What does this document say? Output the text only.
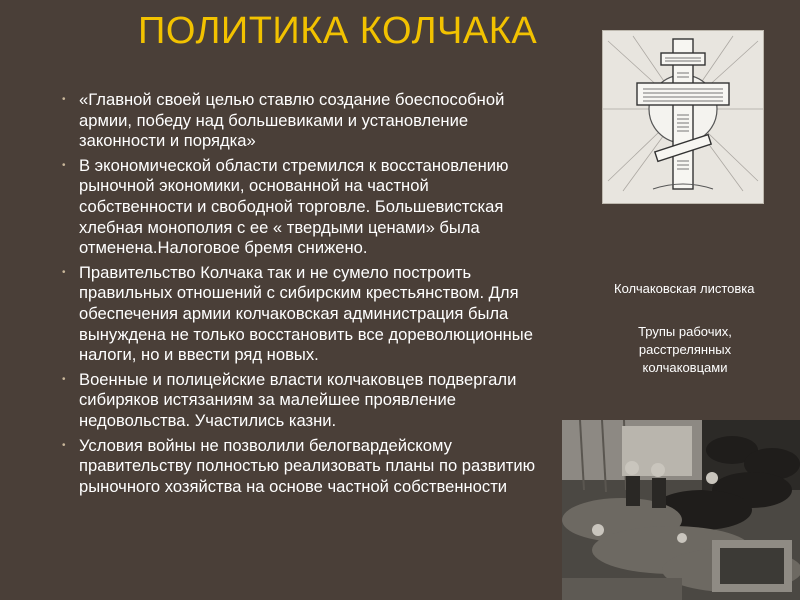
ПОЛИТИКА КОЛЧАКА
• «Главной своей целью ставлю создание боеспособной армии, победу над большевиками и установление законности и порядка»
• В экономической области стремился к восстановлению рыночной экономики, основанной на частной собственности и свободной торговле. Большевистская хлебная монополия с ее « твердыми ценами» была отменена.Налоговое бремя снижено.
• Правительство Колчака так и не сумело построить правильных отношений с сибирским крестьянством. Для обеспечения армии колчаковская администрация была вынуждена не только восстановить все дореволюционные налоги, но и ввести ряд новых.
• Военные и полицейские власти колчаковцев подвергали сибиряков истязаниям за малейшее проявление недовольства. Участились казни.
• Условия войны не позволили белогвардейскому правительству полностью реализовать планы по развитию рыночного хозяйства на основе частной собственности
Колчаковская листовка
Трупы рабочих, расстрелянных колчаковцами
